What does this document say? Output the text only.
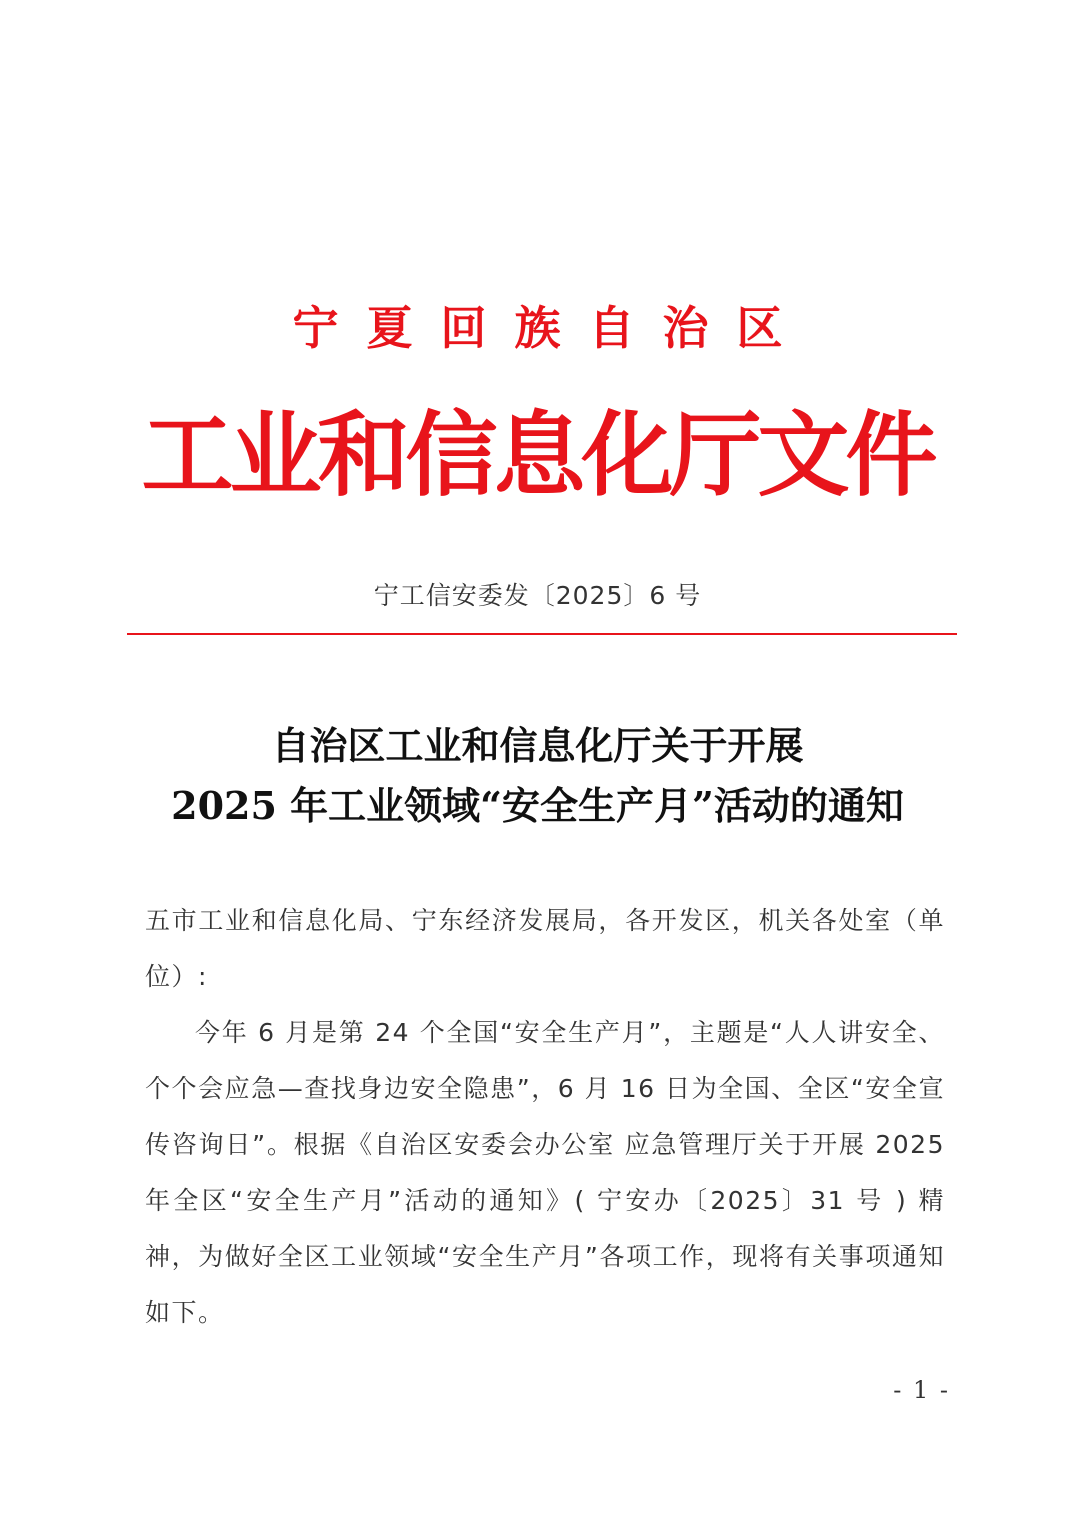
宁夏回族自治区
工业和信息化厅文件
宁工信安委发〔2025〕6 号
自治区工业和信息化厅关于开展
2025 年工业领域“安全生产月”活动的通知

五市工业和信息化局、宁东经济发展局，各开发区，机关各处室（单位）:

今年 6 月是第 24 个全国“安全生产月”，主题是“人人讲安全、个个会应急—查找身边安全隐患”，6 月 16 日为全国、全区“安全宣传咨询日”。根据《自治区安委会办公室 应急管理厅关于开展 2025 年全区“安全生产月”活动的通知》( 宁安办〔2025〕31 号 ) 精神，为做好全区工业领域“安全生产月”各项工作，现将有关事项通知如下。

- 1 -
